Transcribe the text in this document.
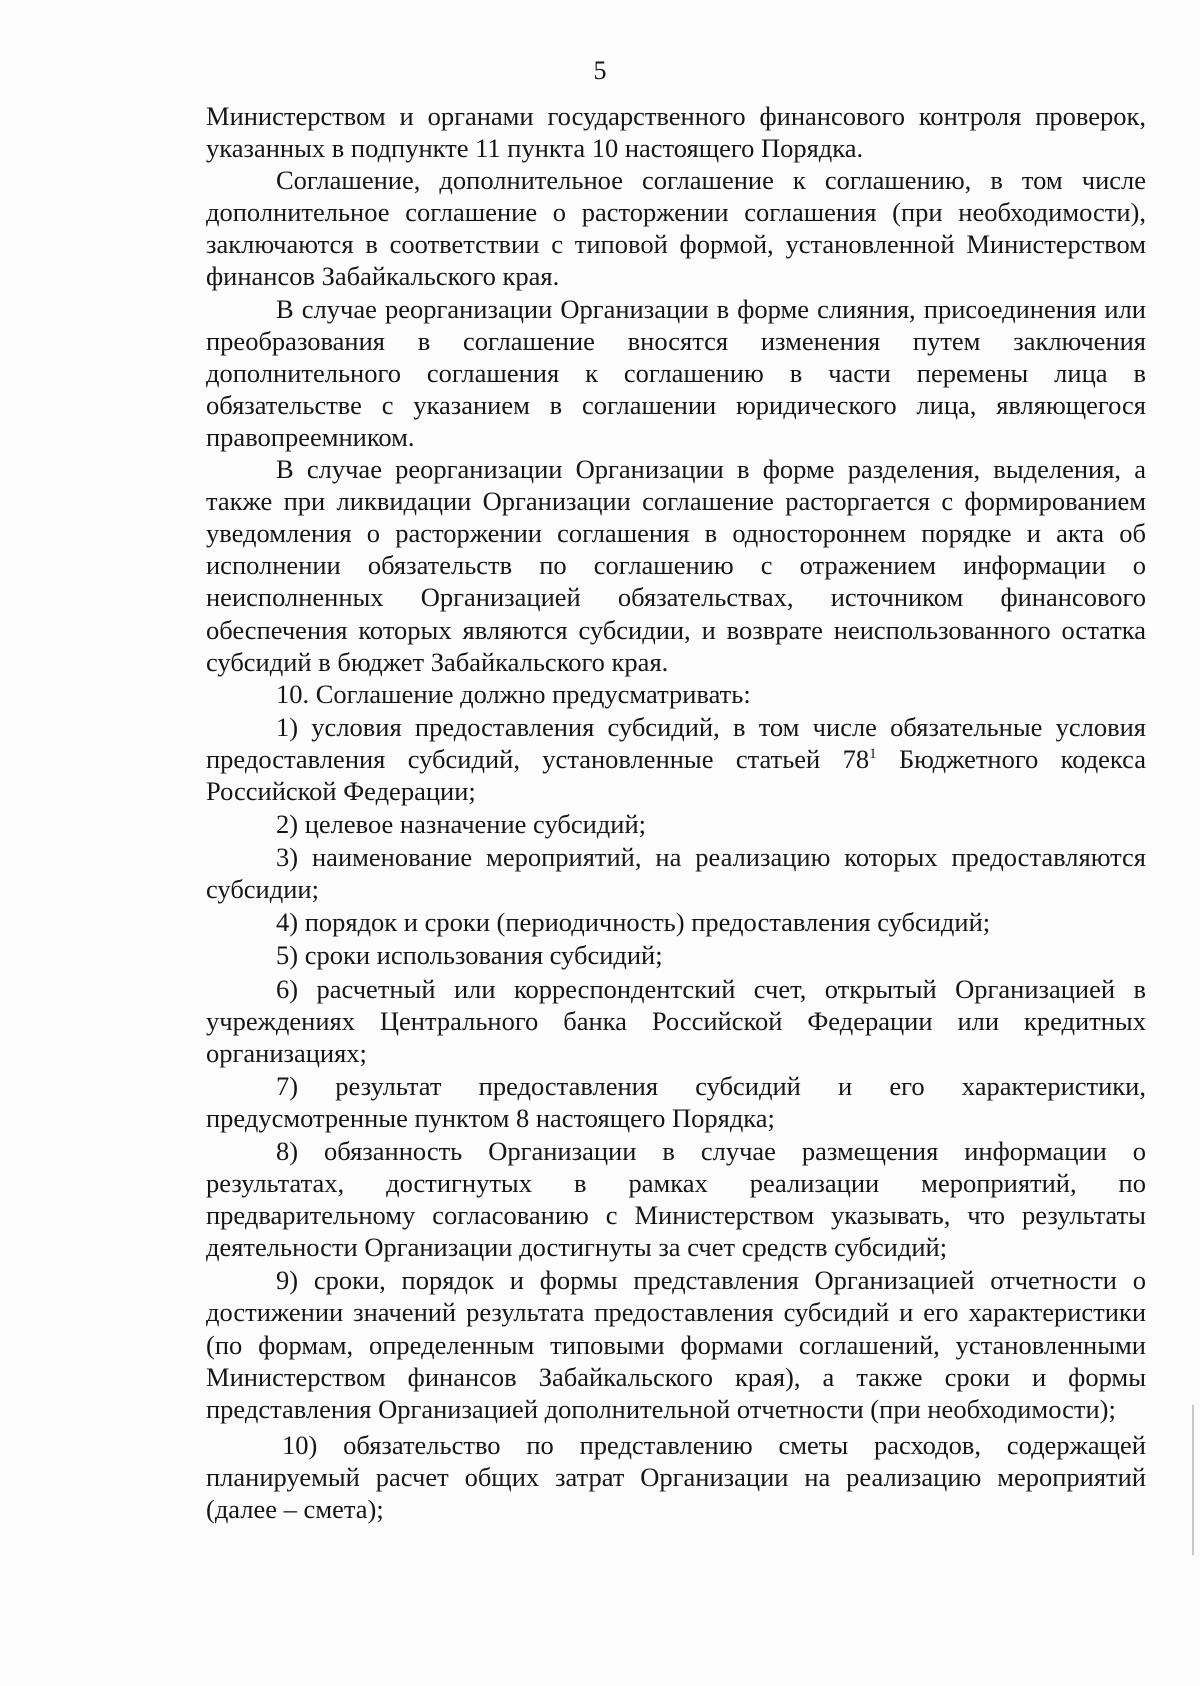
5

Министерством и органами государственного финансового контроля проверок, указанных в подпункте 11 пункта 10 настоящего Порядка.

Соглашение, дополнительное соглашение к соглашению, в том числе дополнительное соглашение о расторжении соглашения (при необходимости), заключаются в соответствии с типовой формой, установленной Министерством финансов Забайкальского края.

В случае реорганизации Организации в форме слияния, присоединения или преобразования в соглашение вносятся изменения путем заключения дополнительного соглашения к соглашению в части перемены лица в обязательстве с указанием в соглашении юридического лица, являющегося правопреемником.

В случае реорганизации Организации в форме разделения, выделения, а также при ликвидации Организации соглашение расторгается с формированием уведомления о расторжении соглашения в одностороннем порядке и акта об исполнении обязательств по соглашению с отражением информации о неисполненных Организацией обязательствах, источником финансового обеспечения которых являются субсидии, и возврате неиспользованного остатка субсидий в бюджет Забайкальского края.

10. Соглашение должно предусматривать:

1) условия предоставления субсидий, в том числе обязательные условия предоставления субсидий, установленные статьей $78^1$ Бюджетного кодекса Российской Федерации;

2) целевое назначение субсидий;

3) наименование мероприятий, на реализацию которых предоставляются субсидии;

4) порядок и сроки (периодичность) предоставления субсидий;

5) сроки использования субсидий;

6) расчетный или корреспондентский счет, открытый Организацией в учреждениях Центрального банка Российской Федерации или кредитных организациях;

7) результат предоставления субсидий и его характеристики, предусмотренные пунктом 8 настоящего Порядка;

8) обязанность Организации в случае размещения информации о результатах, достигнутых в рамках реализации мероприятий, по предварительному согласованию с Министерством указывать, что результаты деятельности Организации достигнуты за счет средств субсидий;

9) сроки, порядок и формы представления Организацией отчетности о достижении значений результата предоставления субсидий и его характеристики (по формам, определенным типовыми формами соглашений, установленными Министерством финансов Забайкальского края), а также сроки и формы представления Организацией дополнительной отчетности (при необходимости);

10) обязательство по представлению сметы расходов, содержащей планируемый расчет общих затрат Организации на реализацию мероприятий (далее – смета);
